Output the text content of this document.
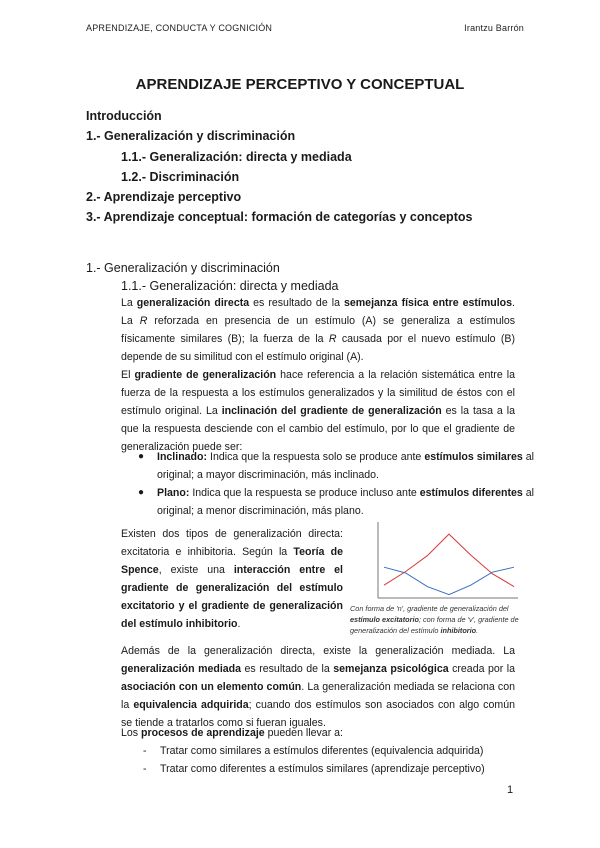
APRENDIZAJE, CONDUCTA Y COGNICIÓN	Irantzu Barrón
APRENDIZAJE PERCEPTIVO Y CONCEPTUAL
Introducción
1.- Generalización y discriminación
1.1.- Generalización: directa y mediada
1.2.- Discriminación
2.- Aprendizaje perceptivo
3.- Aprendizaje conceptual: formación de categorías y conceptos
1.- Generalización y discriminación
1.1.- Generalización: directa y mediada
La generalización directa es resultado de la semejanza física entre estímulos. La R reforzada en presencia de un estímulo (A) se generaliza a estímulos físicamente similares (B); la fuerza de la R causada por el nuevo estímulo (B) depende de su similitud con el estímulo original (A).
El gradiente de generalización hace referencia a la relación sistemática entre la fuerza de la respuesta a los estímulos generalizados y la similitud de éstos con el estímulo original. La inclinación del gradiente de generalización es la tasa a la que la respuesta desciende con el cambio del estímulo, por lo que el gradiente de generalización puede ser:
● Inclinado: Indica que la respuesta solo se produce ante estímulos similares al original; a mayor discriminación, más inclinado.
● Plano: Indica que la respuesta se produce incluso ante estímulos diferentes al original; a menor discriminación, más plano.
Existen dos tipos de generalización directa: excitatoria e inhibitoria. Según la Teoría de Spence, existe una interacción entre el gradiente de generalización del estímulo excitatorio y el gradiente de generalización del estímulo inhibitorio.
Con forma de 'n', gradiente de generalización del estímulo excitatorio; con forma de 'v', gradiente de generalización del estímulo inhibitorio.
Además de la generalización directa, existe la generalización mediada. La generalización mediada es resultado de la semejanza psicológica creada por la asociación con un elemento común. La generalización mediada se relaciona con la equivalencia adquirida; cuando dos estímulos son asociados con algo común se tiende a tratarlos como si fueran iguales.
Los procesos de aprendizaje pueden llevar a:
- Tratar como similares a estímulos diferentes (equivalencia adquirida)
- Tratar como diferentes a estímulos similares (aprendizaje perceptivo)
1
